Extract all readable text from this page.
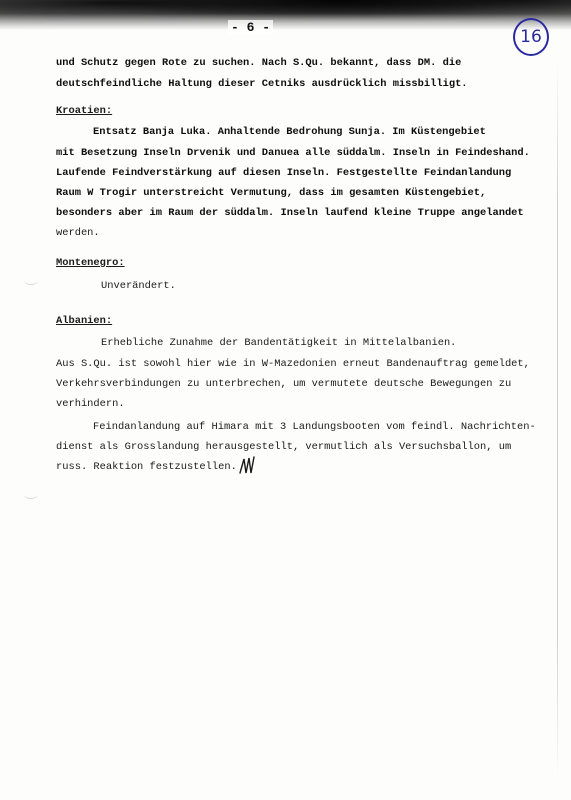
- 6 -	16
und Schutz gegen Rote zu suchen. Nach S.Qu. bekannt, dass DM. die
deutschfeindliche Haltung dieser Cetniks ausdrücklich missbilligt.
Kroatien:
Entsatz Banja Luka. Anhaltende Bedrohung Sunja. Im Küstengebiet
mit Besetzung Inseln Drvenik und Danuea alle süddalm. Inseln in Feindeshand.
Laufende Feindverstärkung auf diesen Inseln. Festgestellte Feindanlandung
Raum W Trogir unterstreicht Vermutung, dass im gesamten Küstengebiet,
besonders aber im Raum der süddalm. Inseln laufend kleine Truppe angelandet
werden.
Montenegro:
Unverändert.
Albanien:
Erhebliche Zunahme der Bandentätigkeit in Mittelalbanien.
Aus S.Qu. ist sowohl hier wie in W-Mazedonien erneut Bandenauftrag gemeldet,
Verkehrsverbindungen zu unterbrechen, um vermutete deutsche Bewegungen zu
verhindern.
Feindanlandung auf Himara mit 3 Landungsbooten vom feindl. Nachrichten-
dienst als Grosslandung herausgestellt, vermutlich als Versuchsballon, um
russ. Reaktion festzustellen.
